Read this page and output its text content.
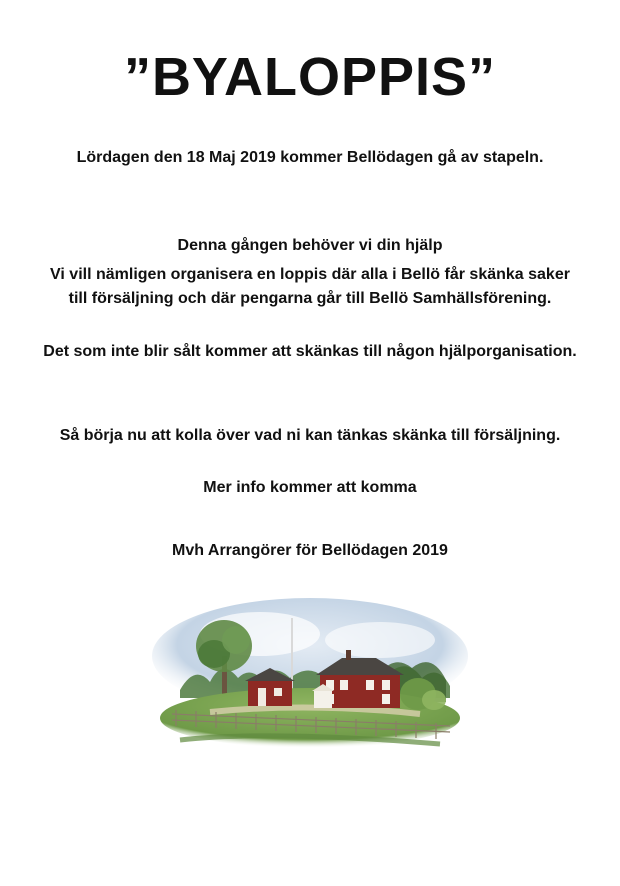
”BYALOPPIS”

Lördagen den 18 Maj 2019 kommer Bellödagen gå av stapeln.

Denna gången behöver vi din hjälp

Vi vill nämligen organisera en loppis där alla i Bellö får skänka saker till försäljning och där pengarna går till Bellö Samhällsförening.

Det som inte blir sålt kommer att skänkas till någon hjälporganisation.

Så börja nu att kolla över vad ni kan tänkas skänka till försäljning.

Mer info kommer att komma

Mvh Arrangörer för Bellödagen 2019
